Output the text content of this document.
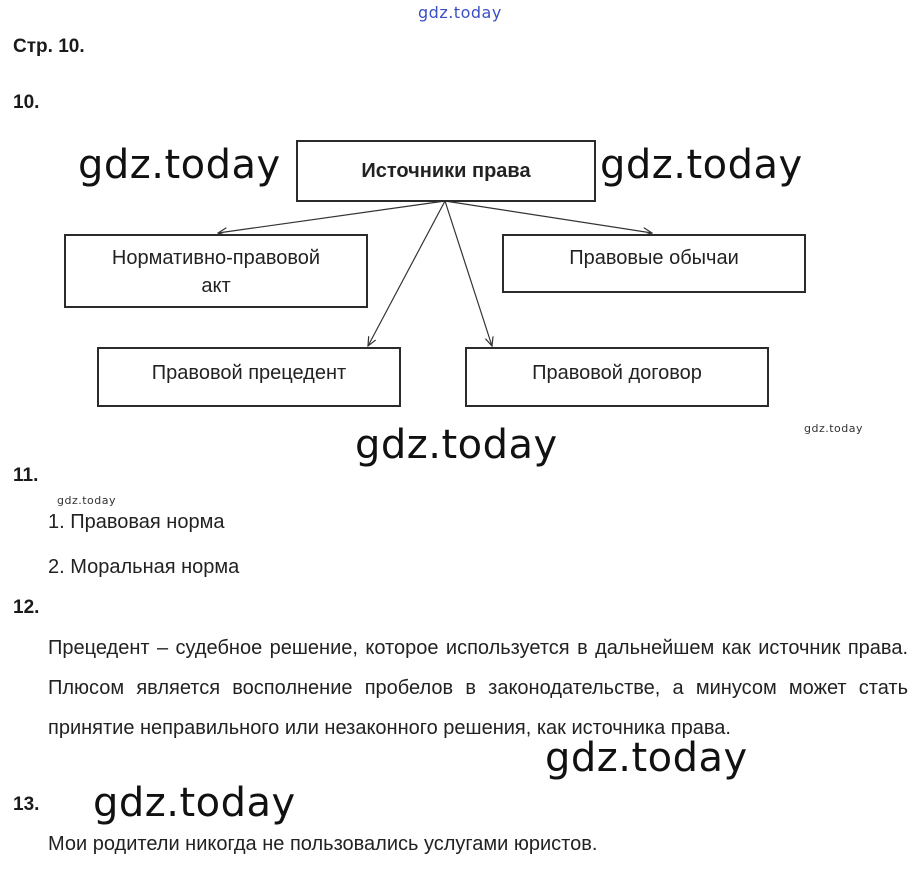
gdz.today
gdz.today	gdz.today
gdz.today	gdz.today
gdz.today
gdz.today
gdz.today
Стр. 10.
10.
Источники права
Нормативно-правовой акт
Правовые обычаи
Правовой прецедент	Правовой договор
11.
1. Правовая норма
2. Моральная норма
12.
Прецедент – судебное решение, которое используется в дальнейшем как источник права. Плюсом является восполнение пробелов в законодательстве, а минусом может стать принятие неправильного или незаконного решения, как источника права.
13.
Мои родители никогда не пользовались услугами юристов.
